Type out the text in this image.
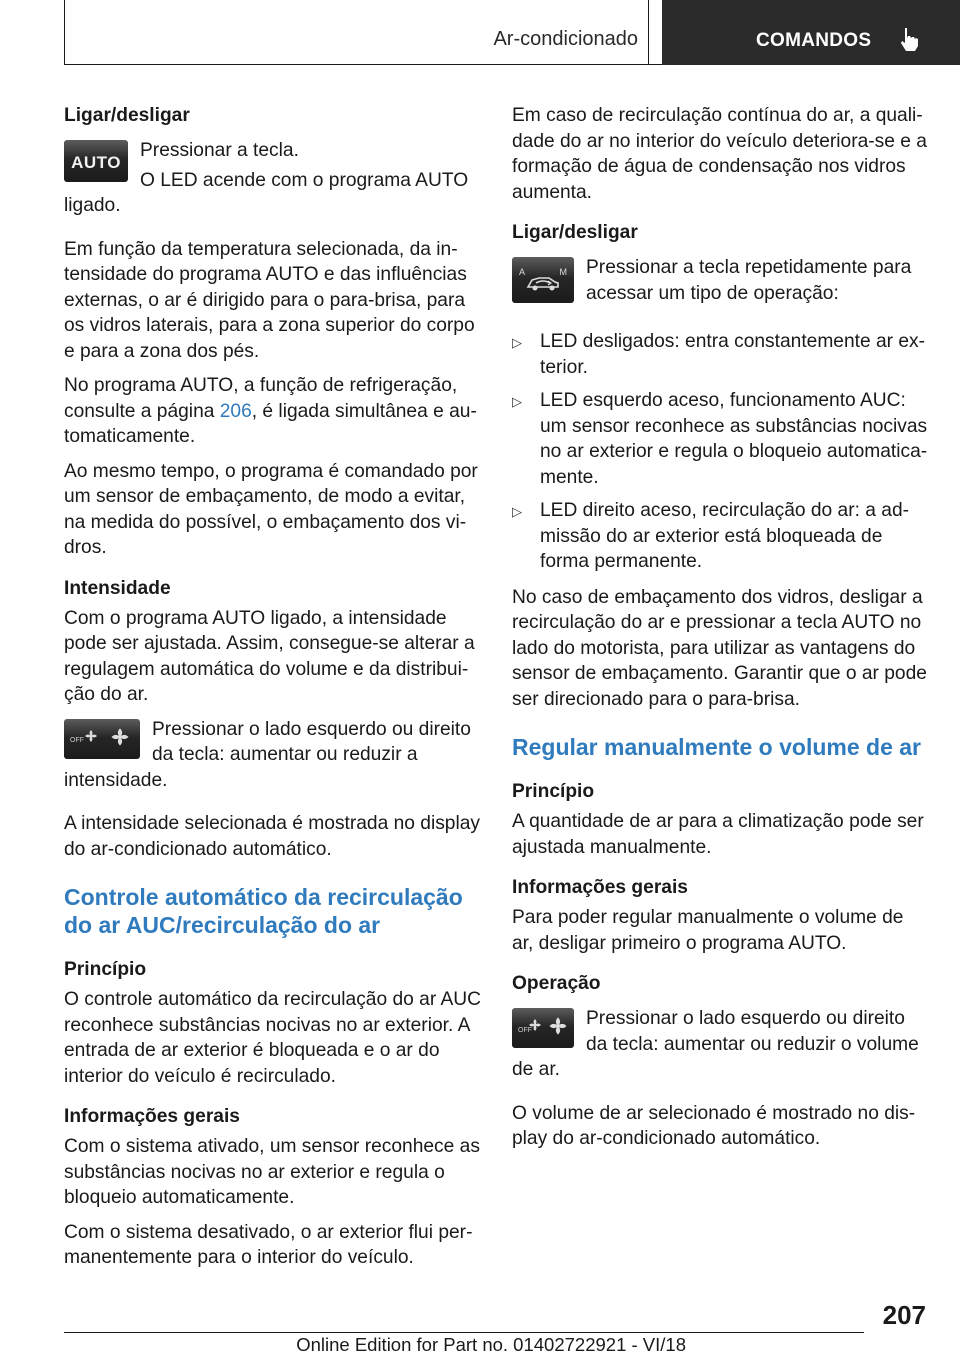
Ar-condicionado	COMANDOS
Ligar/desligar
AUTO

Pressionar a tecla.

O LED acende com o programa AUTO ligado.

Em função da temperatura selecionada, da intensidade do programa AUTO e das influências externas, o ar é dirigido para o para-brisa, para os vidros laterais, para a zona superior do corpo e para a zona dos pés.

No programa AUTO, a função de refrigeração, consulte a página 206, é ligada simultânea e automaticamente.

Ao mesmo tempo, o programa é comandado por um sensor de embaçamento, de modo a evitar, na medida do possível, o embaçamento dos vidros.

Intensidade

Com o programa AUTO ligado, a intensidade pode ser ajustada. Assim, consegue-se alterar a regulagem automática do volume e da distribuição do ar.

OFF

Pressionar o lado esquerdo ou direito da tecla: aumentar ou reduzir a intensidade.

A intensidade selecionada é mostrada no display do ar-condicionado automático.

Controle automático da recirculação do ar AUC/recirculação do ar
Princípio

O controle automático da recirculação do ar AUC reconhece substâncias nocivas no ar exterior. A entrada de ar exterior é bloqueada e o ar do interior do veículo é recirculado.

Informações gerais

Com o sistema ativado, um sensor reconhece as substâncias nocivas no ar exterior e regula o bloqueio automaticamente.

Com o sistema desativado, o ar exterior flui permanentemente para o interior do veículo.

Em caso de recirculação contínua do ar, a qualidade do ar no interior do veículo deteriora-se e a formação de água de condensação nos vidros aumenta.

Ligar/desligar
A	M Pressionar a tecla repetidamente para acessar um tipo de operação:

▷ LED desligados: entra constantemente ar exterior.
▷ LED esquerdo aceso, funcionamento AUC: um sensor reconhece as substâncias nocivas no ar exterior e regula o bloqueio automaticamente.
▷ LED direito aceso, recirculação do ar: a admissão do ar exterior está bloqueada de forma permanente.

No caso de embaçamento dos vidros, desligar a recirculação do ar e pressionar a tecla AUTO no lado do motorista, para utilizar as vantagens do sensor de embaçamento. Garantir que o ar pode ser direcionado para o para-brisa.

Regular manualmente o volume de ar
Princípio

A quantidade de ar para a climatização pode ser ajustada manualmente.

Informações gerais

Para poder regular manualmente o volume de ar, desligar primeiro o programa AUTO.

Operação
OFF

Pressionar o lado esquerdo ou direito da tecla: aumentar ou reduzir o volume de ar.

O volume de ar selecionado é mostrado no display do ar-condicionado automático.

207
Online Edition for Part no. 01402722921 - VI/18
